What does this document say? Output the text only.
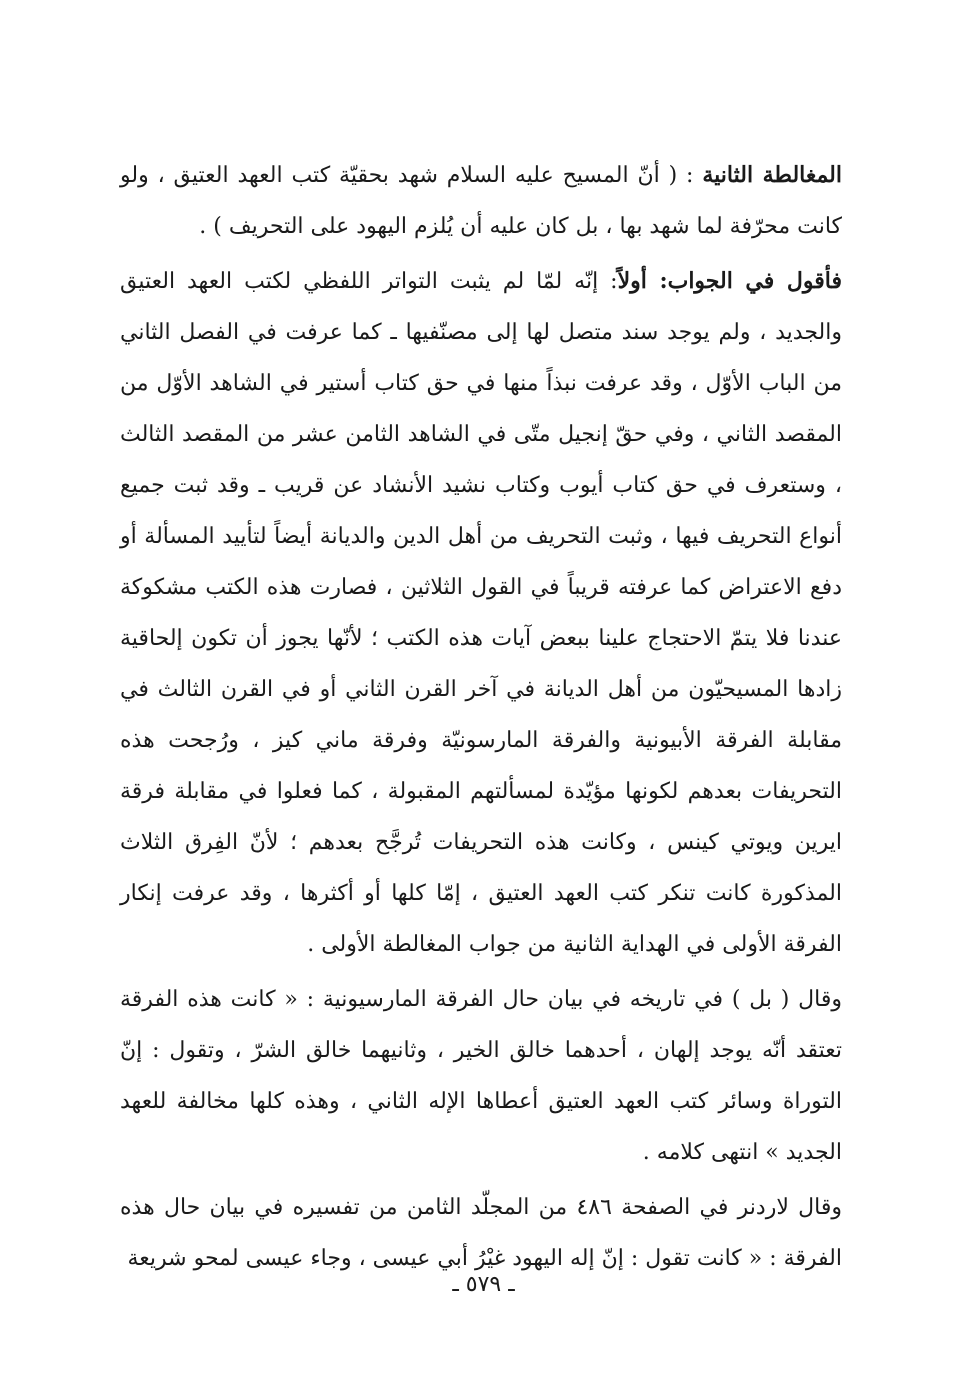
المغالطة الثانية : ( أنّ المسيح عليه السلام شهد بحقيّة كتب العهد العتيق ، ولو كانت محرّفة لما شهد بها ، بل كان عليه أن يُلزم اليهود على التحريف ) .

فأقول في الجواب: أولاً: إنّه لمّا لم يثبت التواتر اللفظي لكتب العهد العتيق والجديد ، ولم يوجد سند متصل لها إلى مصنّفيها ـ كما عرفت في الفصل الثاني من الباب الأوّل ، وقد عرفت نبذاً منها في حق كتاب أستير في الشاهد الأوّل من المقصد الثاني ، وفي حقّ إنجيل متّى في الشاهد الثامن عشر من المقصد الثالث ، وستعرف في حق كتاب أيوب وكتاب نشيد الأنشاد عن قريب ـ وقد ثبت جميع أنواع التحريف فيها ، وثبت التحريف من أهل الدين والديانة أيضاً لتأييد المسألة أو دفع الاعتراض كما عرفته قريباً في القول الثلاثين ، فصارت هذه الكتب مشكوكة عندنا فلا يتمّ الاحتجاج علينا ببعض آيات هذه الكتب ؛ لأنّها يجوز أن تكون إلحاقية زادها المسيحيّون من أهل الديانة في آخر القرن الثاني أو في القرن الثالث في مقابلة الفرقة الأبيونية والفرقة المارسونيّة وفرقة ماني كيز ، ورُجحت هذه التحريفات بعدهم لكونها مؤيّدة لمسألتهم المقبولة ، كما فعلوا في مقابلة فرقة ايرين ويوتي كينس ، وكانت هذه التحريفات تُرجَّح بعدهم ؛ لأنّ الفِرق الثلاث المذكورة كانت تنكر كتب العهد العتيق ، إمّا كلها أو أكثرها ، وقد عرفت إنكار الفرقة الأولى في الهداية الثانية من جواب المغالطة الأولى .

وقال ( بل ) في تاريخه في بيان حال الفرقة المارسيونية : « كانت هذه الفرقة تعتقد أنّه يوجد إلهان ، أحدهما خالق الخير ، وثانيهما خالق الشرّ ، وتقول : إنّ التوراة وسائر كتب العهد العتيق أعطاها الإله الثاني ، وهذه كلها مخالفة للعهد الجديد » انتهى كلامه .

وقال لاردنر في الصفحة ٤٨٦ من المجلّد الثامن من تفسيره في بيان حال هذه الفرقة : « كانت تقول : إنّ إله اليهود غيْرُ أبي عيسى ، وجاء عيسى لمحو شريعة

ـ ٥٧٩ ـ
